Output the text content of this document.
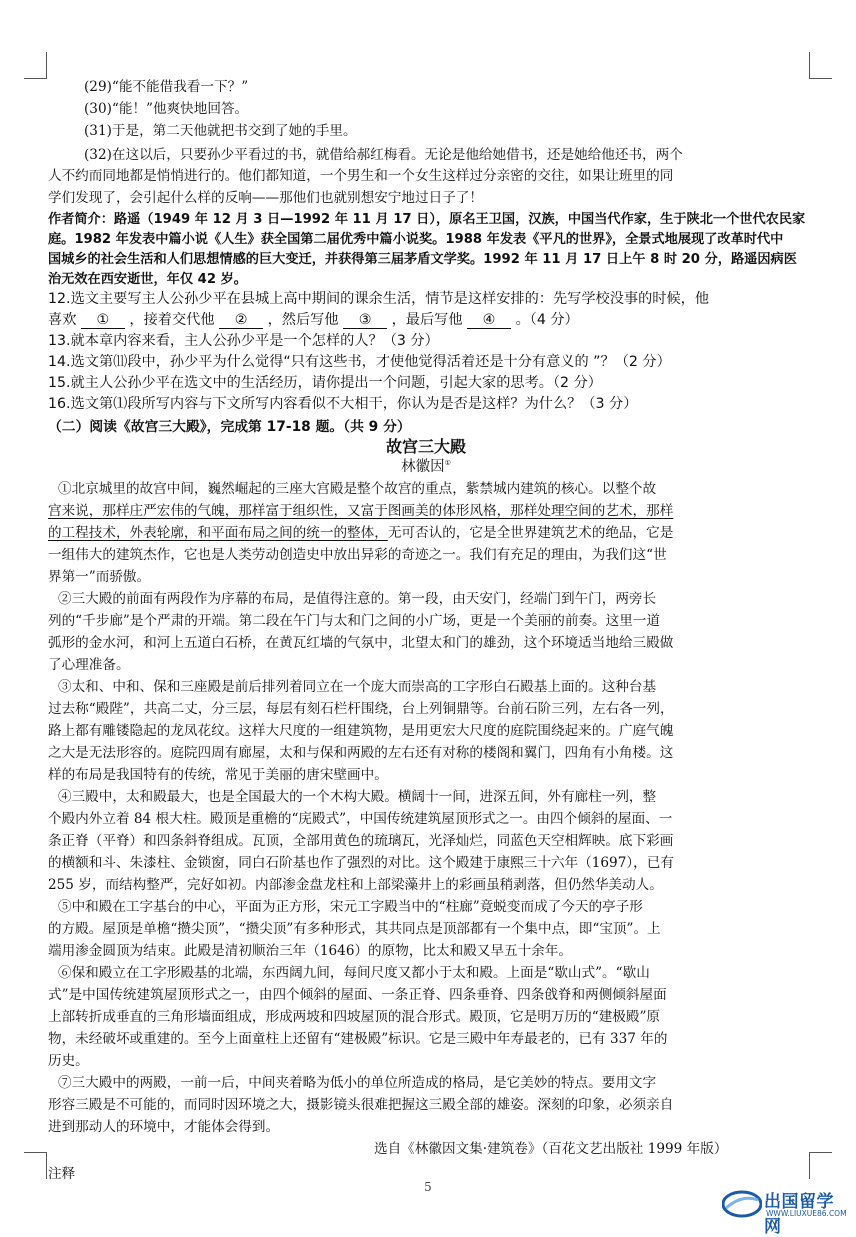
(29)“能不能借我看一下？”
(30)“能！”他爽快地回答。
(31)于是，第二天他就把书交到了她的手里。
(32)在这以后，只要孙少平看过的书，就借给郝红梅看。无论是他给她借书，还是她给他还书，两个
人不约而同地都是悄悄进行的。他们都知道，一个男生和一个女生这样过分亲密的交往，如果让班里的同
学们发现了，会引起什么样的反响——那他们也就别想安宁地过日子了！
作者简介：路遥（1949 年 12 月 3 日—1992 年 11 月 17 日），原名王卫国，汉族，中国当代作家，生于陕北一个世代农民家
庭。1982 年发表中篇小说《人生》获全国第二届优秀中篇小说奖。1988 年发表《平凡的世界》，全景式地展现了改革时代中
国城乡的社会生活和人们思想情感的巨大变迁，并获得第三届茅盾文学奖。1992 年 11 月 17 日上午 8 时 20 分，路遥因病医
治无效在西安逝世，年仅 42 岁。
12.选文主要写主人公孙少平在县城上高中期间的课余生活，情节是这样安排的：先写学校没事的时候，他
喜欢 ① ，接着交代他 ② ，然后写他 ③ ，最后写他 ④ 。（4 分）
13.就本章内容来看，主人公孙少平是一个怎样的人？（3 分）
14.选文第⑾段中，孙少平为什么觉得“只有这些书，才使他觉得活着还是十分有意义的 ”？（2 分）
15.就主人公孙少平在选文中的生活经历，请你提出一个问题，引起大家的思考。（2 分）
16.选文第⑴段所写内容与下文所写内容看似不大相干，你认为是否是这样？为什么？（3 分）
（二）阅读《故宫三大殿》，完成第 17-18 题。（共 9 分）
故宫三大殿
林徽因①
①北京城里的故宫中间，巍然崛起的三座大宫殿是整个故宫的重点，紫禁城内建筑的核心。以整个故
宫来说，那样庄严宏伟的气魄，那样富于组织性，又富于图画美的体形风格，那样处理空间的艺术，那样
的工程技术，外表轮廓，和平面布局之间的统一的整体，无可否认的，它是全世界建筑艺术的绝品，它是
一组伟大的建筑杰作，它也是人类劳动创造史中放出异彩的奇迹之一。我们有充足的理由，为我们这“世
界第一”而骄傲。
②三大殿的前面有两段作为序幕的布局，是值得注意的。第一段，由天安门，经端门到午门，两旁长
列的“千步廊”是个严肃的开端。第二段在午门与太和门之间的小广场，更是一个美丽的前奏。这里一道
弧形的金水河，和河上五道白石桥，在黄瓦红墙的气氛中，北望太和门的雄劲，这个环境适当地给三殿做
了心理准备。
③太和、中和、保和三座殿是前后排列着同立在一个庞大而崇高的工字形白石殿基上面的。这种台基
过去称“殿陛”，共高二丈，分三层，每层有刻石栏杆围绕，台上列铜鼎等。台前石阶三列，左右各一列，
路上都有雕镂隐起的龙凤花纹。这样大尺度的一组建筑物，是用更宏大尺度的庭院围绕起来的。广庭气魄
之大是无法形容的。庭院四周有廊屋，太和与保和两殿的左右还有对称的楼阁和翼门，四角有小角楼。这
样的布局是我国特有的传统，常见于美丽的唐宋壁画中。
④三殿中，太和殿最大，也是全国最大的一个木构大殿。横阔十一间，进深五间，外有廊柱一列，整
个殿内外立着 84 根大柱。殿顶是重檐的“庑殿式”，中国传统建筑屋顶形式之一。由四个倾斜的屋面、一
条正脊（平脊）和四条斜脊组成。瓦顶，全部用黄色的琉璃瓦，光泽灿烂，同蓝色天空相辉映。底下彩画
的横额和斗、朱漆柱、金锁窗，同白石阶基也作了强烈的对比。这个殿建于康熙三十六年（1697），已有
255 岁，而结构整严，完好如初。内部渗金盘龙柱和上部梁藻井上的彩画虽稍剥落，但仍然华美动人。
⑤中和殿在工字基台的中心，平面为正方形，宋元工字殿当中的“柱廊”竟蜕变而成了今天的亭子形
的方殿。屋顶是单檐“攒尖顶”，“攒尖顶”有多种形式，其共同点是顶部都有一个集中点，即“宝顶”。上
端用渗金圆顶为结束。此殿是清初顺治三年（1646）的原物，比太和殿又早五十余年。
⑥保和殿立在工字形殿基的北端，东西阔九间，每间尺度又都小于太和殿。上面是“歇山式”。“歇山
式”是中国传统建筑屋顶形式之一，由四个倾斜的屋面、一条正脊、四条垂脊、四条戗脊和两侧倾斜屋面
上部转折成垂直的三角形墙面组成，形成两坡和四坡屋顶的混合形式。殿顶，它是明万历的“建极殿”原
物，未经破坏或重建的。至今上面童柱上还留有“建极殿”标识。它是三殿中年寿最老的，已有 337 年的
历史。
⑦三大殿中的两殿，一前一后，中间夹着略为低小的单位所造成的格局，是它美妙的特点。要用文字
形容三殿是不可能的，而同时因环境之大，摄影镜头很难把握这三殿全部的雄姿。深刻的印象，必须亲自
进到那动人的环境中，才能体会得到。
选自《林徽因文集·建筑卷》（百花文艺出版社 1999 年版）
注释
5
出国留学网
WWW.LIUXUE86.COM
